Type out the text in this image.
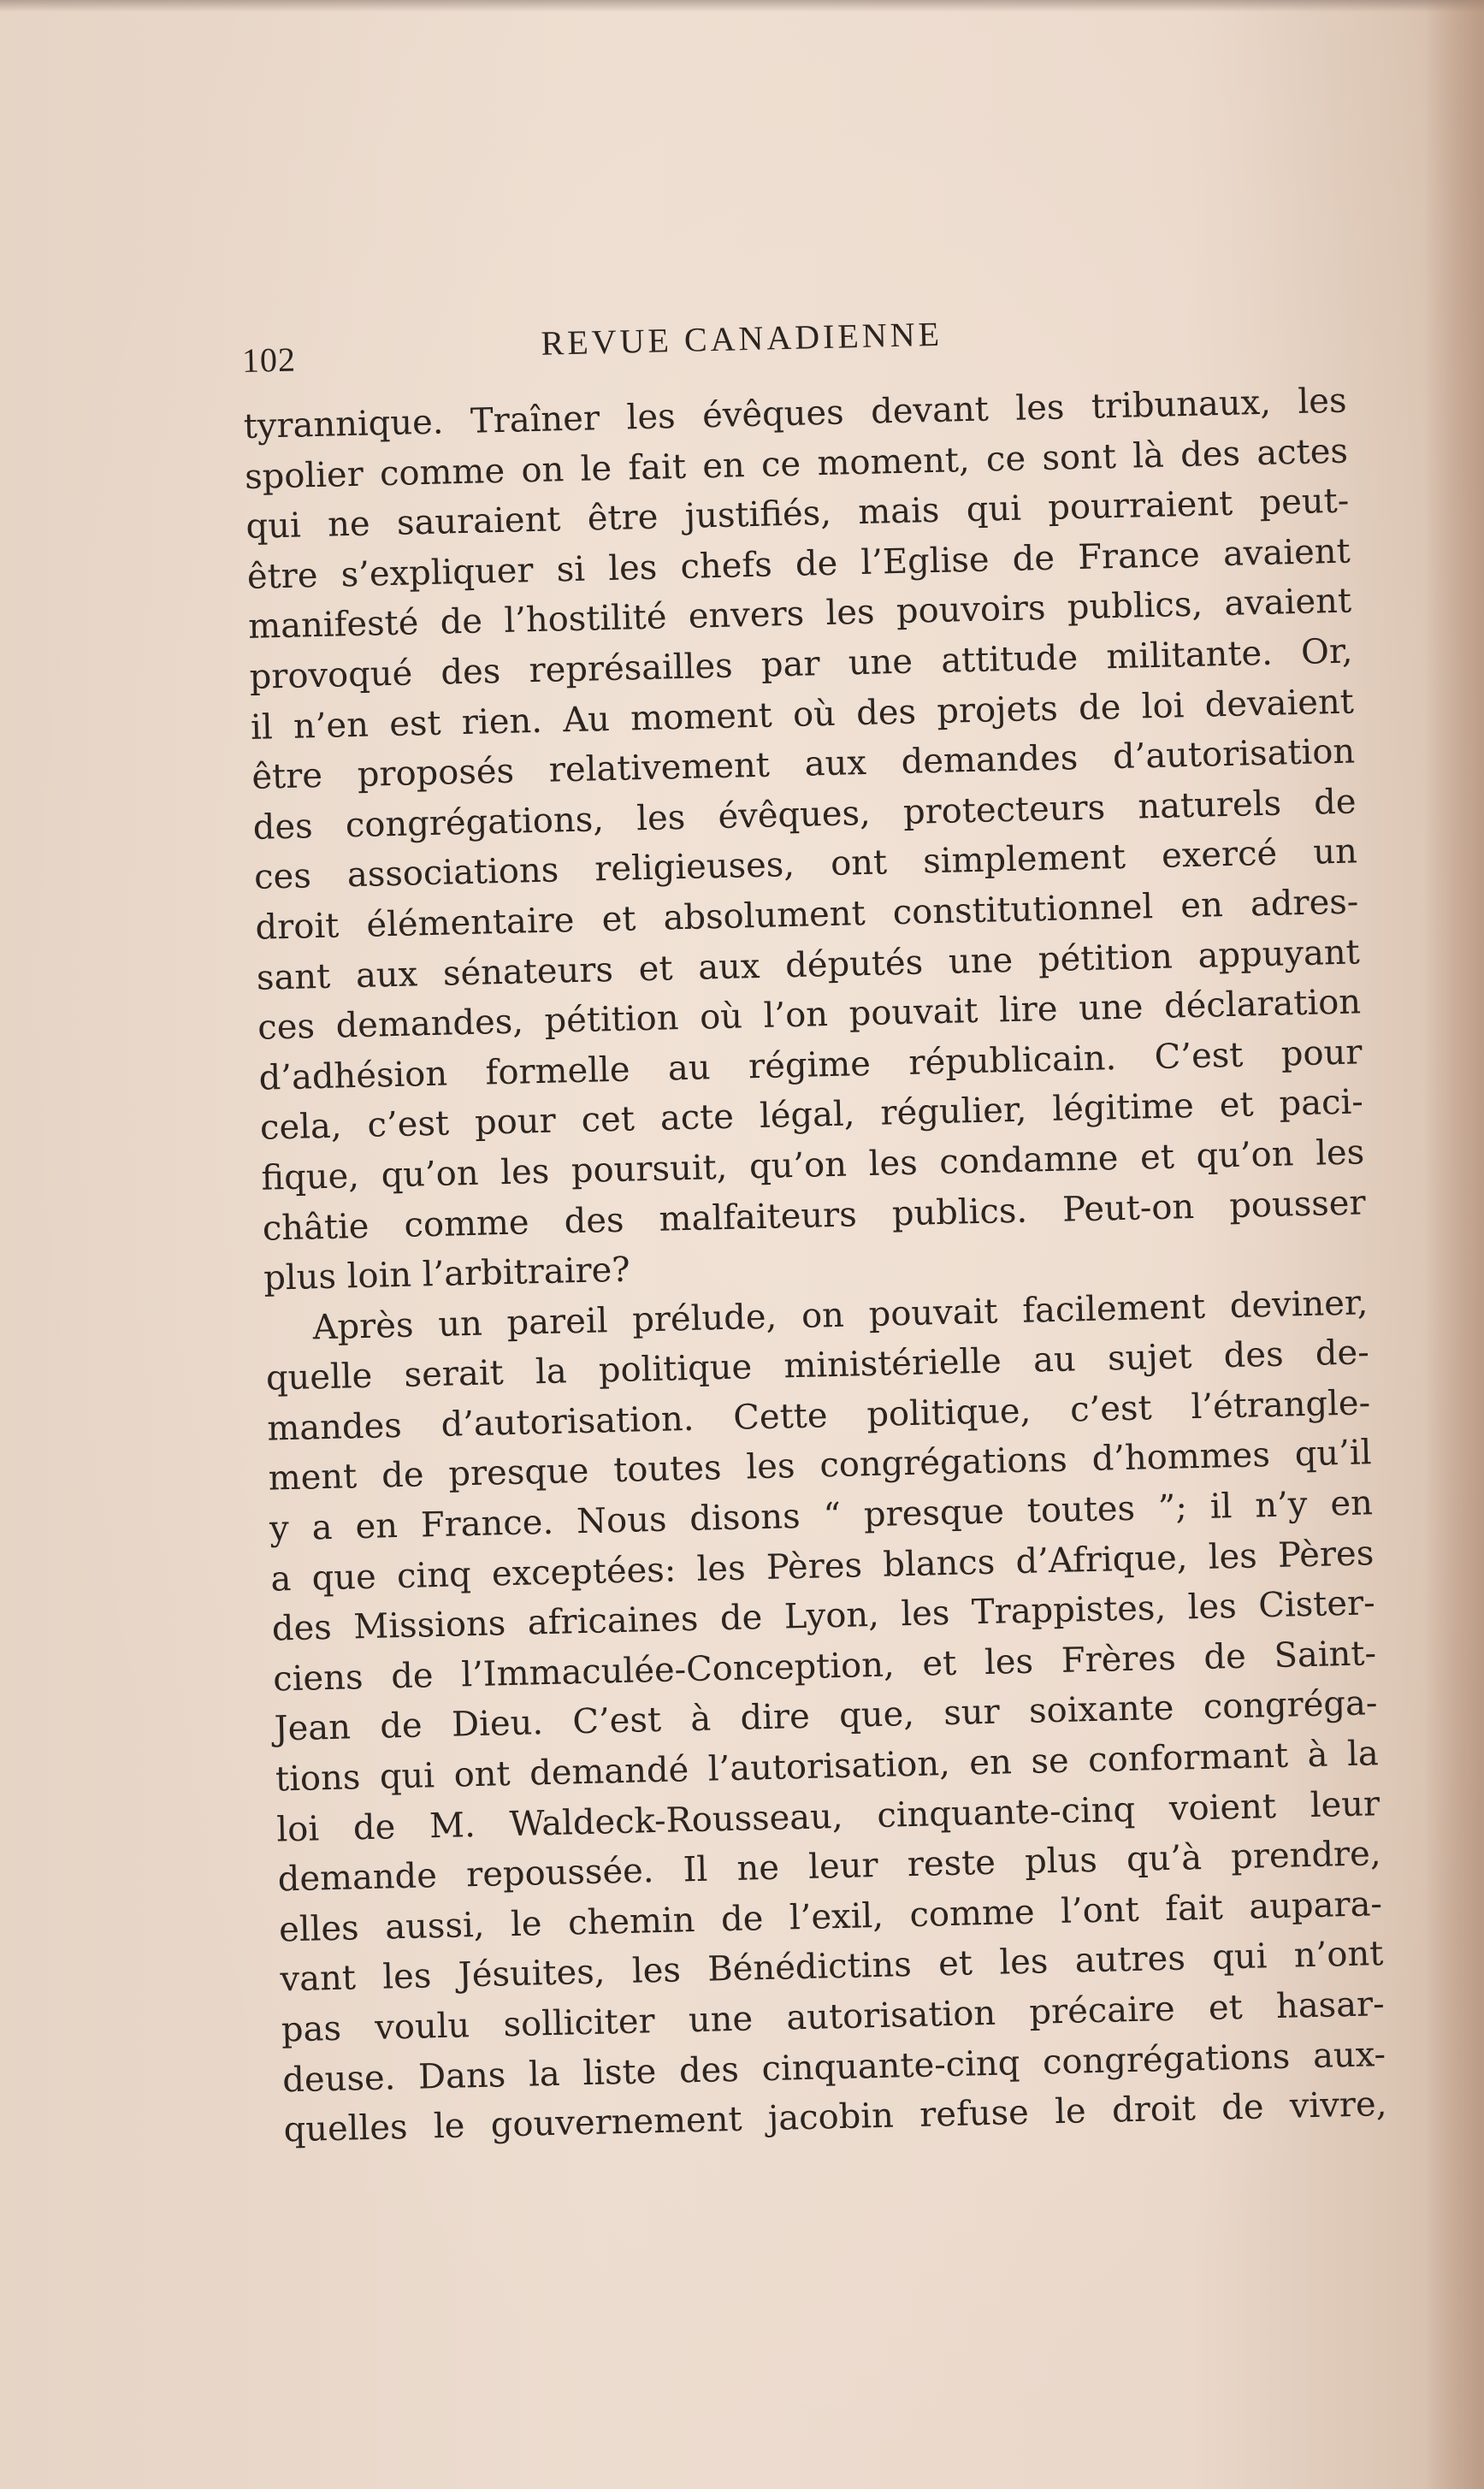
102	REVUE CANADIENNE
tyrannique. Traîner les évêques devant les tribunaux, les
spolier comme on le fait en ce moment, ce sont là des actes
qui ne sauraient être justifiés, mais qui pourraient peut-
être s’expliquer si les chefs de l’Eglise de France avaient
manifesté de l’hostilité envers les pouvoirs publics, avaient
provoqué des représailles par une attitude militante. Or,
il n’en est rien. Au moment où des projets de loi devaient
être proposés relativement aux demandes d’autorisation
des congrégations, les évêques, protecteurs naturels de
ces associations religieuses, ont simplement exercé un
droit élémentaire et absolument constitutionnel en adres-
sant aux sénateurs et aux députés une pétition appuyant
ces demandes, pétition où l’on pouvait lire une déclaration
d’adhésion formelle au régime républicain. C’est pour
cela, c’est pour cet acte légal, régulier, légitime et paci-
fique, qu’on les poursuit, qu’on les condamne et qu’on les
châtie comme des malfaiteurs publics. Peut-on pousser
plus loin l’arbitraire?
Après un pareil prélude, on pouvait facilement deviner,
quelle serait la politique ministérielle au sujet des de-
mandes d’autorisation. Cette politique, c’est l’étrangle-
ment de presque toutes les congrégations d’hommes qu’il
y a en France. Nous disons “ presque toutes ”; il n’y en
a que cinq exceptées: les Pères blancs d’Afrique, les Pères
des Missions africaines de Lyon, les Trappistes, les Cister-
ciens de l’Immaculée-Conception, et les Frères de Saint-
Jean de Dieu. C’est à dire que, sur soixante congréga-
tions qui ont demandé l’autorisation, en se conformant à la
loi de M. Waldeck-Rousseau, cinquante-cinq voient leur
demande repoussée. Il ne leur reste plus qu’à prendre,
elles aussi, le chemin de l’exil, comme l’ont fait aupara-
vant les Jésuites, les Bénédictins et les autres qui n’ont
pas voulu solliciter une autorisation précaire et hasar-
deuse. Dans la liste des cinquante-cinq congrégations aux-
quelles le gouvernement jacobin refuse le droit de vivre,
